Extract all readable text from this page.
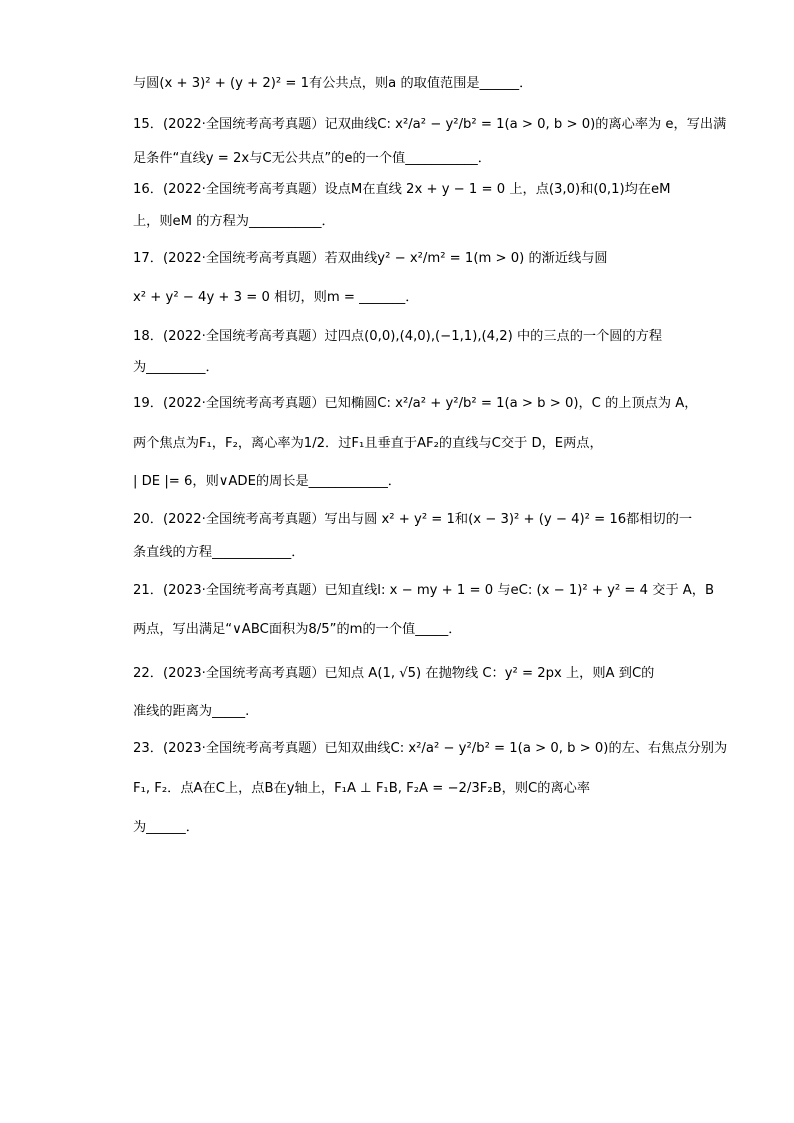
与圆(x + 3)² + (y + 2)² = 1有公共点，则a 的取值范围是______．
15．(2022·全国统考高考真题）记双曲线C: x²/a² − y²/b² = 1(a > 0, b > 0)的离心率为 e，写出满
足条件“直线y = 2x与C无公共点”的e的一个值___________．
16．(2022·全国统考高考真题）设点M在直线 2x + y − 1 = 0 上，点(3,0)和(0,1)均在eM
上，则eM 的方程为___________．
17．(2022·全国统考高考真题）若双曲线y² − x²/m² = 1(m > 0) 的渐近线与圆
x² + y² − 4y + 3 = 0 相切，则m = _______．
18．(2022·全国统考高考真题）过四点(0,0),(4,0),(−1,1),(4,2) 中的三点的一个圆的方程
为_________．
19．(2022·全国统考高考真题）已知椭圆C: x²/a² + y²/b² = 1(a > b > 0)，C 的上顶点为 A，
两个焦点为F₁，F₂，离心率为1/2．过F₁且垂直于AF₂的直线与C交于 D，E两点，
| DE |= 6，则∨ADE的周长是____________．
20．(2022·全国统考高考真题）写出与圆 x² + y² = 1和(x − 3)² + (y − 4)² = 16都相切的一
条直线的方程____________．
21．(2023·全国统考高考真题）已知直线l: x − my + 1 = 0 与eC: (x − 1)² + y² = 4 交于 A，B
两点，写出满足“∨ABC面积为8/5”的m的一个值_____．
22．(2023·全国统考高考真题）已知点 A(1, √5) 在抛物线 C：y² = 2px 上，则A 到C的
准线的距离为_____.
23．(2023·全国统考高考真题）已知双曲线C: x²/a² − y²/b² = 1(a > 0, b > 0)的左、右焦点分别为
F₁, F₂．点A在C上，点B在y轴上，F₁A ⊥ F₁B, F₂A = −2/3F₂B，则C的离心率
为______．
